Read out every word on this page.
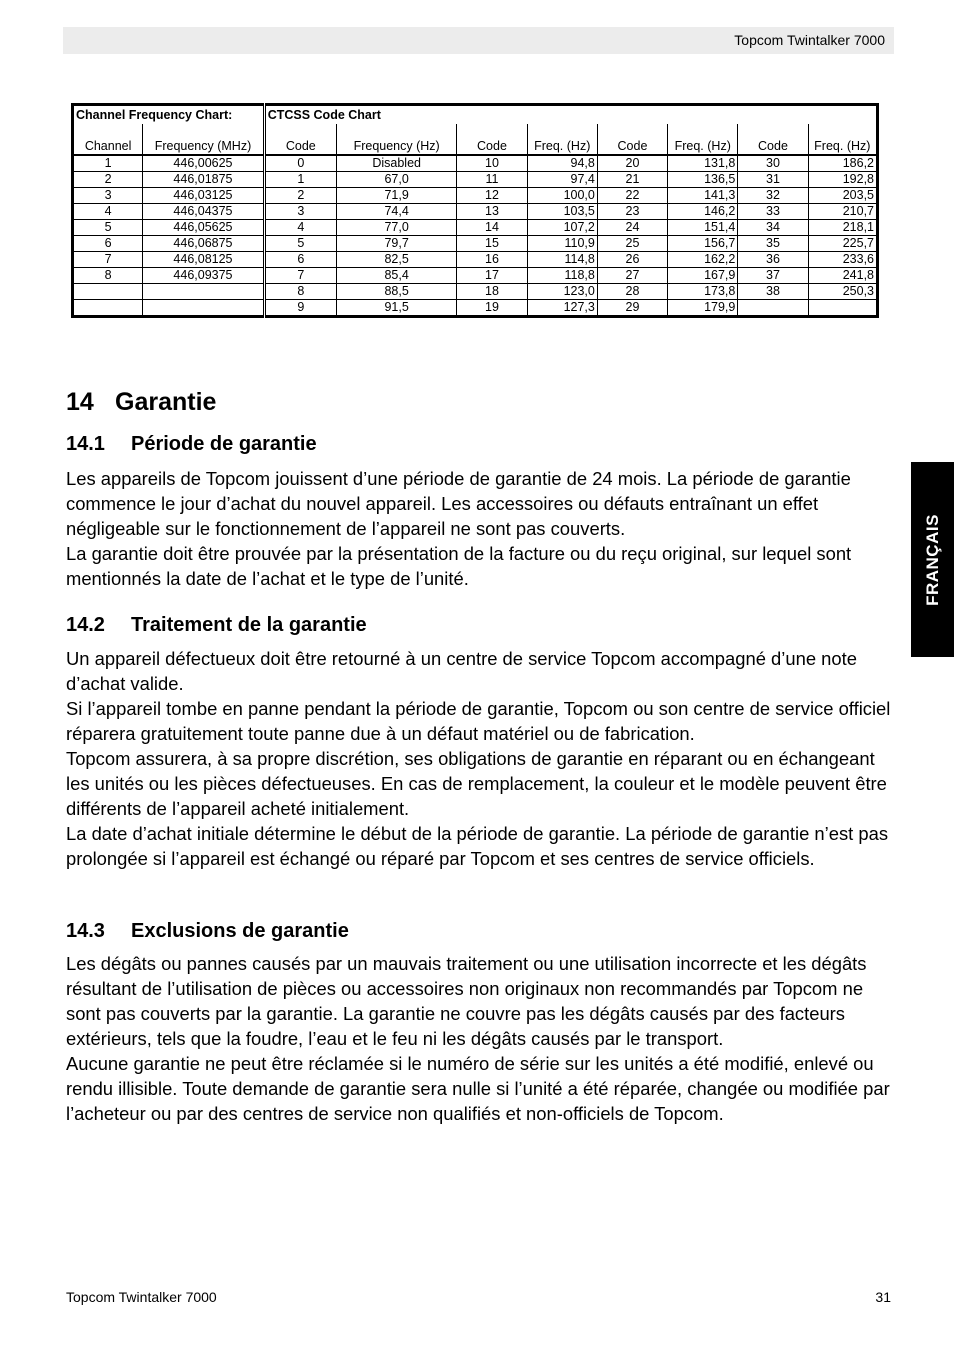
Topcom Twintalker 7000
Channel Frequency Chart:		CTCSS Code Chart							
Channel	Frequency (MHz)	Code	Frequency (Hz)	Code	Freq. (Hz)	Code	Freq. (Hz)	Code	Freq. (Hz)
1	446,00625	0	Disabled	10	94,8	20	131,8	30	186,2
2	446,01875	1	67,0	11	97,4	21	136,5	31	192,8
3	446,03125	2	71,9	12	100,0	22	141,3	32	203,5
4	446,04375	3	74,4	13	103,5	23	146,2	33	210,7
5	446,05625	4	77,0	14	107,2	24	151,4	34	218,1
6	446,06875	5	79,7	15	110,9	25	156,7	35	225,7
7	446,08125	6	82,5	16	114,8	26	162,2	36	233,6
8	446,09375	7	85,4	17	118,8	27	167,9	37	241,8
		8	88,5	18	123,0	28	173,8	38	250,3
		9	91,5	19	127,3	29	179,9		
FRANÇAIS
14 Garantie
14.1 Période de garantie

Les appareils de Topcom jouissent d’une période de garantie de 24 mois. La période de garantie commence le jour d’achat du nouvel appareil. Les accessoires ou défauts entraînant un effet négligeable sur le fonctionnement de l’appareil ne sont pas couverts.

La garantie doit être prouvée par la présentation de la facture ou du reçu original, sur lequel sont mentionnés la date de l’achat et le type de l’unité.

14.2 Traitement de la garantie

Un appareil défectueux doit être retourné à un centre de service Topcom accompagné d’une note d’achat valide.

Si l’appareil tombe en panne pendant la période de garantie, Topcom ou son centre de service officiel réparera gratuitement toute panne due à un défaut matériel ou de fabrication.

Topcom assurera, à sa propre discrétion, ses obligations de garantie en réparant ou en échangeant les unités ou les pièces défectueuses. En cas de remplacement, la couleur et le modèle peuvent être différents de l’appareil acheté initialement.

La date d’achat initiale détermine le début de la période de garantie. La période de garantie n’est pas prolongée si l’appareil est échangé ou réparé par Topcom et ses centres de service officiels.

14.3 Exclusions de garantie

Les dégâts ou pannes causés par un mauvais traitement ou une utilisation incorrecte et les dégâts résultant de l’utilisation de pièces ou accessoires non originaux non recommandés par Topcom ne sont pas couverts par la garantie. La garantie ne couvre pas les dégâts causés par des facteurs extérieurs, tels que la foudre, l’eau et le feu ni les dégâts causés par le transport.

Aucune garantie ne peut être réclamée si le numéro de série sur les unités a été modifié, enlevé ou rendu illisible. Toute demande de garantie sera nulle si l’unité a été réparée, changée ou modifiée par l’acheteur ou par des centres de service non qualifiés et non-officiels de Topcom.

Topcom Twintalker 7000	31
